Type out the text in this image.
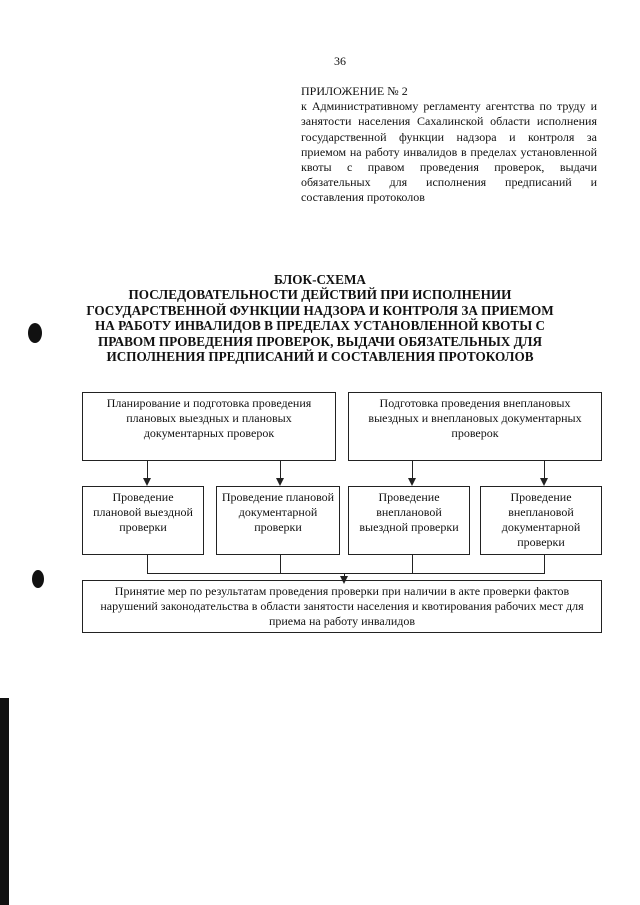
36

ПРИЛОЖЕНИЕ № 2

к Административному регламенту агентства по труду и занятости населения Сахалинской области исполнения государственной функции надзора и контроля за приемом на работу инвалидов в пределах установленной квоты с правом проведения проверок, выдачи обязательных для исполнения предписаний и составления протоколов

БЛОК-СХЕМА
ПОСЛЕДОВАТЕЛЬНОСТИ ДЕЙСТВИЙ ПРИ ИСПОЛНЕНИИ
ГОСУДАРСТВЕННОЙ ФУНКЦИИ НАДЗОРА И КОНТРОЛЯ ЗА ПРИЕМОМ
НА РАБОТУ ИНВАЛИДОВ В ПРЕДЕЛАХ УСТАНОВЛЕННОЙ КВОТЫ С
ПРАВОМ ПРОВЕДЕНИЯ ПРОВЕРОК, ВЫДАЧИ ОБЯЗАТЕЛЬНЫХ ДЛЯ
ИСПОЛНЕНИЯ ПРЕДПИСАНИЙ И СОСТАВЛЕНИЯ ПРОТОКОЛОВ
Планирование и подготовка проведения плановых выездных и плановых документарных проверок
Подготовка проведения внеплановых выездных и внеплановых документарных проверок
Проведение плановой выездной проверки
Проведение плановой документарной проверки
Проведение внеплановой выездной проверки
Проведение внеплановой документарной проверки
Принятие мер по результатам проведения проверки при наличии в акте проверки фактов нарушений законодательства в области занятости населения и квотирования рабочих мест для приема на работу инвалидов
